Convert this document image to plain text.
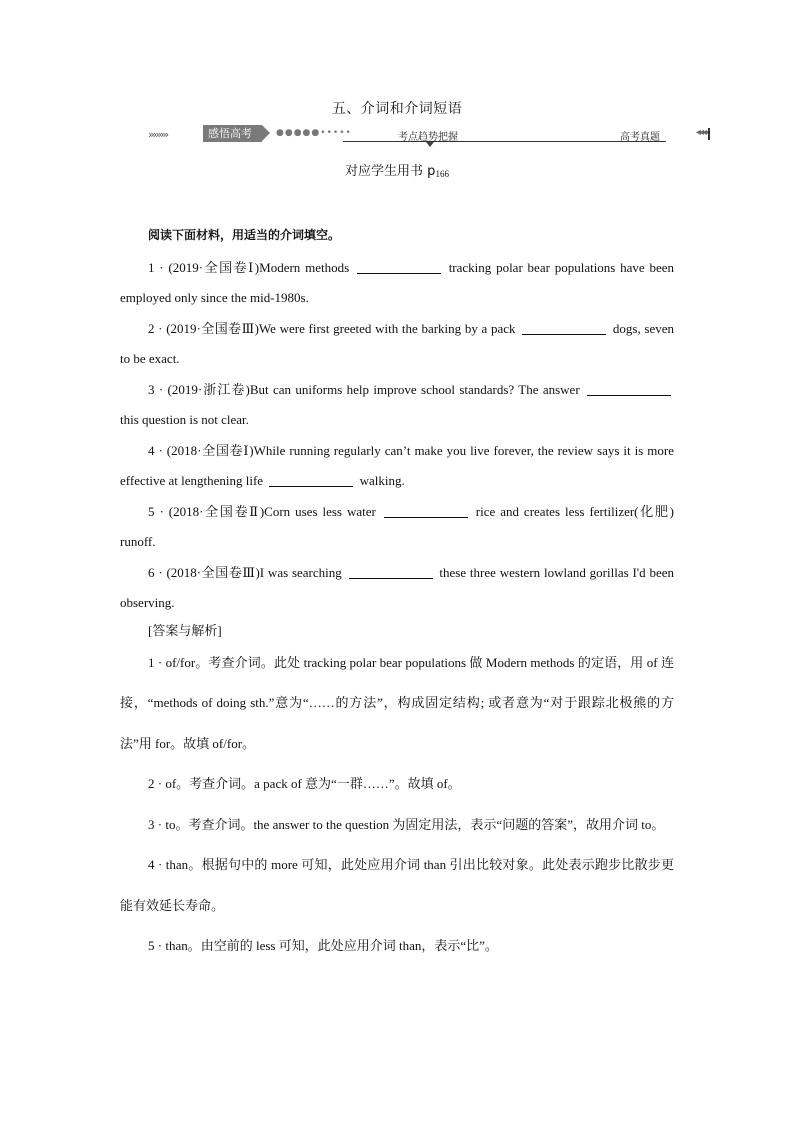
五、介词和介词短语
››››››››	感悟高考	●●●●●•••••	考点趋势把握	高考真题	◂◂◂◂
对应学生用书 $p_{166}$

阅读下面材料，用适当的介词填空。

1 · (2019·全国卷Ⅰ)Modern methods	tracking polar bear populations have been employed only since the mid-1980s.

2 · (2019·全国卷Ⅲ)We were first greeted with the barking by a pack	dogs, seven to be exact.

3 · (2019·浙江卷)But can uniforms help improve school standards? The answer  this question is not clear.

4 · (2018·全国卷Ⅰ)While running regularly can’t make you live forever, the review says it is more effective at lengthening life	walking.

5 · (2018·全国卷Ⅱ)Corn uses less water	rice and creates less fertilizer(化肥) runoff.

6 · (2018·全国卷Ⅲ)I was searching	these three western lowland gorillas I'd been observing.

[答案与解析]

1 · of/for。考查介词。此处 tracking polar bear populations 做 Modern methods 的定语，用 of 连接，“methods of doing sth.”意为“……的方法”，构成固定结构; 或者意为“对于跟踪北极熊的方法”用 for。故填 of/for。

2 · of。考查介词。a pack of 意为“一群……”。故填 of。

3 · to。考查介词。the answer to the question 为固定用法，表示“问题的答案”，故用介词 to。

4 · than。根据句中的 more 可知，此处应用介词 than 引出比较对象。此处表示跑步比散步更能有效延长寿命。

5 · than。由空前的 less 可知，此处应用介词 than，表示“比”。
